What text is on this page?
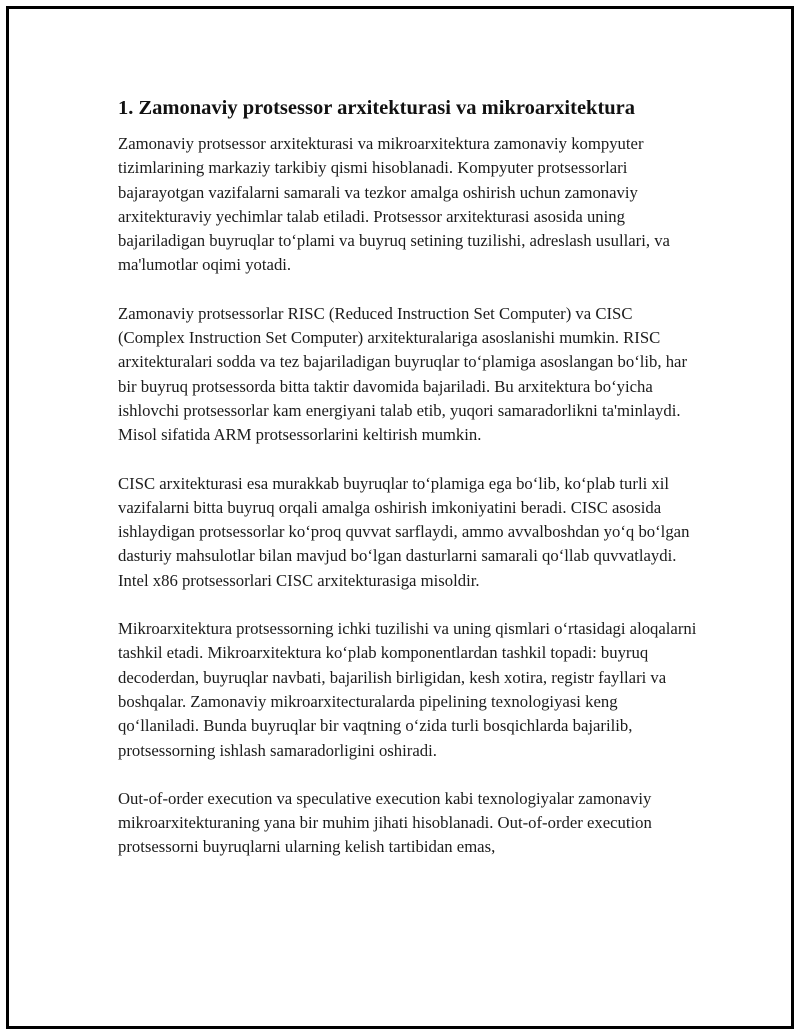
1. Zamonaviy protsessor arxitekturasi va mikroarxitektura

Zamonaviy protsessor arxitekturasi va mikroarxitektura zamonaviy kompyuter tizimlarining markaziy tarkibiy qismi hisoblanadi. Kompyuter protsessorlari bajarayotgan vazifalarni samarali va tezkor amalga oshirish uchun zamonaviy arxitekturaviy yechimlar talab etiladi. Protsessor arxitekturasi asosida uning bajariladigan buyruqlar to‘plami va buyruq setining tuzilishi, adreslash usullari, va ma'lumotlar oqimi yotadi.

Zamonaviy protsessorlar RISC (Reduced Instruction Set Computer) va CISC (Complex Instruction Set Computer) arxitekturalariga asoslanishi mumkin. RISC arxitekturalari sodda va tez bajariladigan buyruqlar to‘plamiga asoslangan bo‘lib, har bir buyruq protsessorda bitta taktir davomida bajariladi. Bu arxitektura bo‘yicha ishlovchi protsessorlar kam energiyani talab etib, yuqori samaradorlikni ta'minlaydi. Misol sifatida ARM protsessorlarini keltirish mumkin.

CISC arxitekturasi esa murakkab buyruqlar to‘plamiga ega bo‘lib, ko‘plab turli xil vazifalarni bitta buyruq orqali amalga oshirish imkoniyatini beradi. CISC asosida ishlaydigan protsessorlar ko‘proq quvvat sarflaydi, ammo avvalboshdan yo‘q bo‘lgan dasturiy mahsulotlar bilan mavjud bo‘lgan dasturlarni samarali qo‘llab quvvatlaydi. Intel x86 protsessorlari CISC arxitekturasiga misoldir.

Mikroarxitektura protsessorning ichki tuzilishi va uning qismlari o‘rtasidagi aloqalarni tashkil etadi. Mikroarxitektura ko‘plab komponentlardan tashkil topadi: buyruq decoderdan, buyruqlar navbati, bajarilish birligidan, kesh xotira, registr fayllari va boshqalar. Zamonaviy mikroarxitecturalarda pipelining texnologiyasi keng qo‘llaniladi. Bunda buyruqlar bir vaqtning o‘zida turli bosqichlarda bajarilib, protsessorning ishlash samaradorligini oshiradi.

Out-of-order execution va speculative execution kabi texnologiyalar zamonaviy mikroarxitekturaning yana bir muhim jihati hisoblanadi. Out-of-order execution protsessorni buyruqlarni ularning kelish tartibidan emas,
